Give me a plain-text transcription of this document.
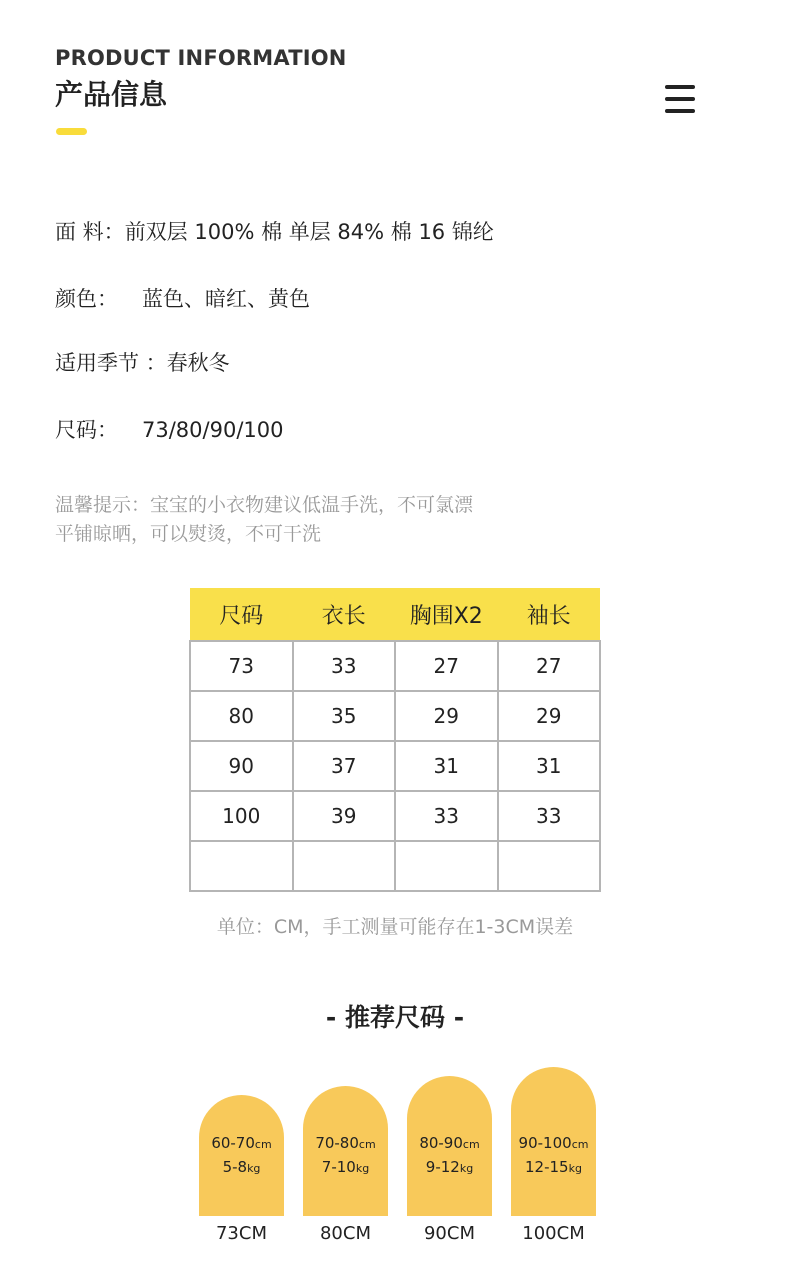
PRODUCT INFORMATION
产品信息
面 料：前双层 100% 棉 单层 84% 棉 16 锦纶
颜色： 蓝色、暗红、黄色
适用季节 ：春秋冬
尺码： 73/80/90/100
温馨提示：宝宝的小衣物建议低温手洗，不可氯漂
平铺晾晒，可以熨烫，不可干洗
尺码	衣长	胸围X2	袖长
73	33	27	27
80	35	29	29
90	37	31	31
100	39	33	33

单位：CM，手工测量可能存在1-3CM误差
- 推荐尺码 -
60-70cm
5-8kg
70-80cm
7-10kg
80-90cm
9-12kg
90-100cm
12-15kg
73CM	80CM	90CM	100CM
